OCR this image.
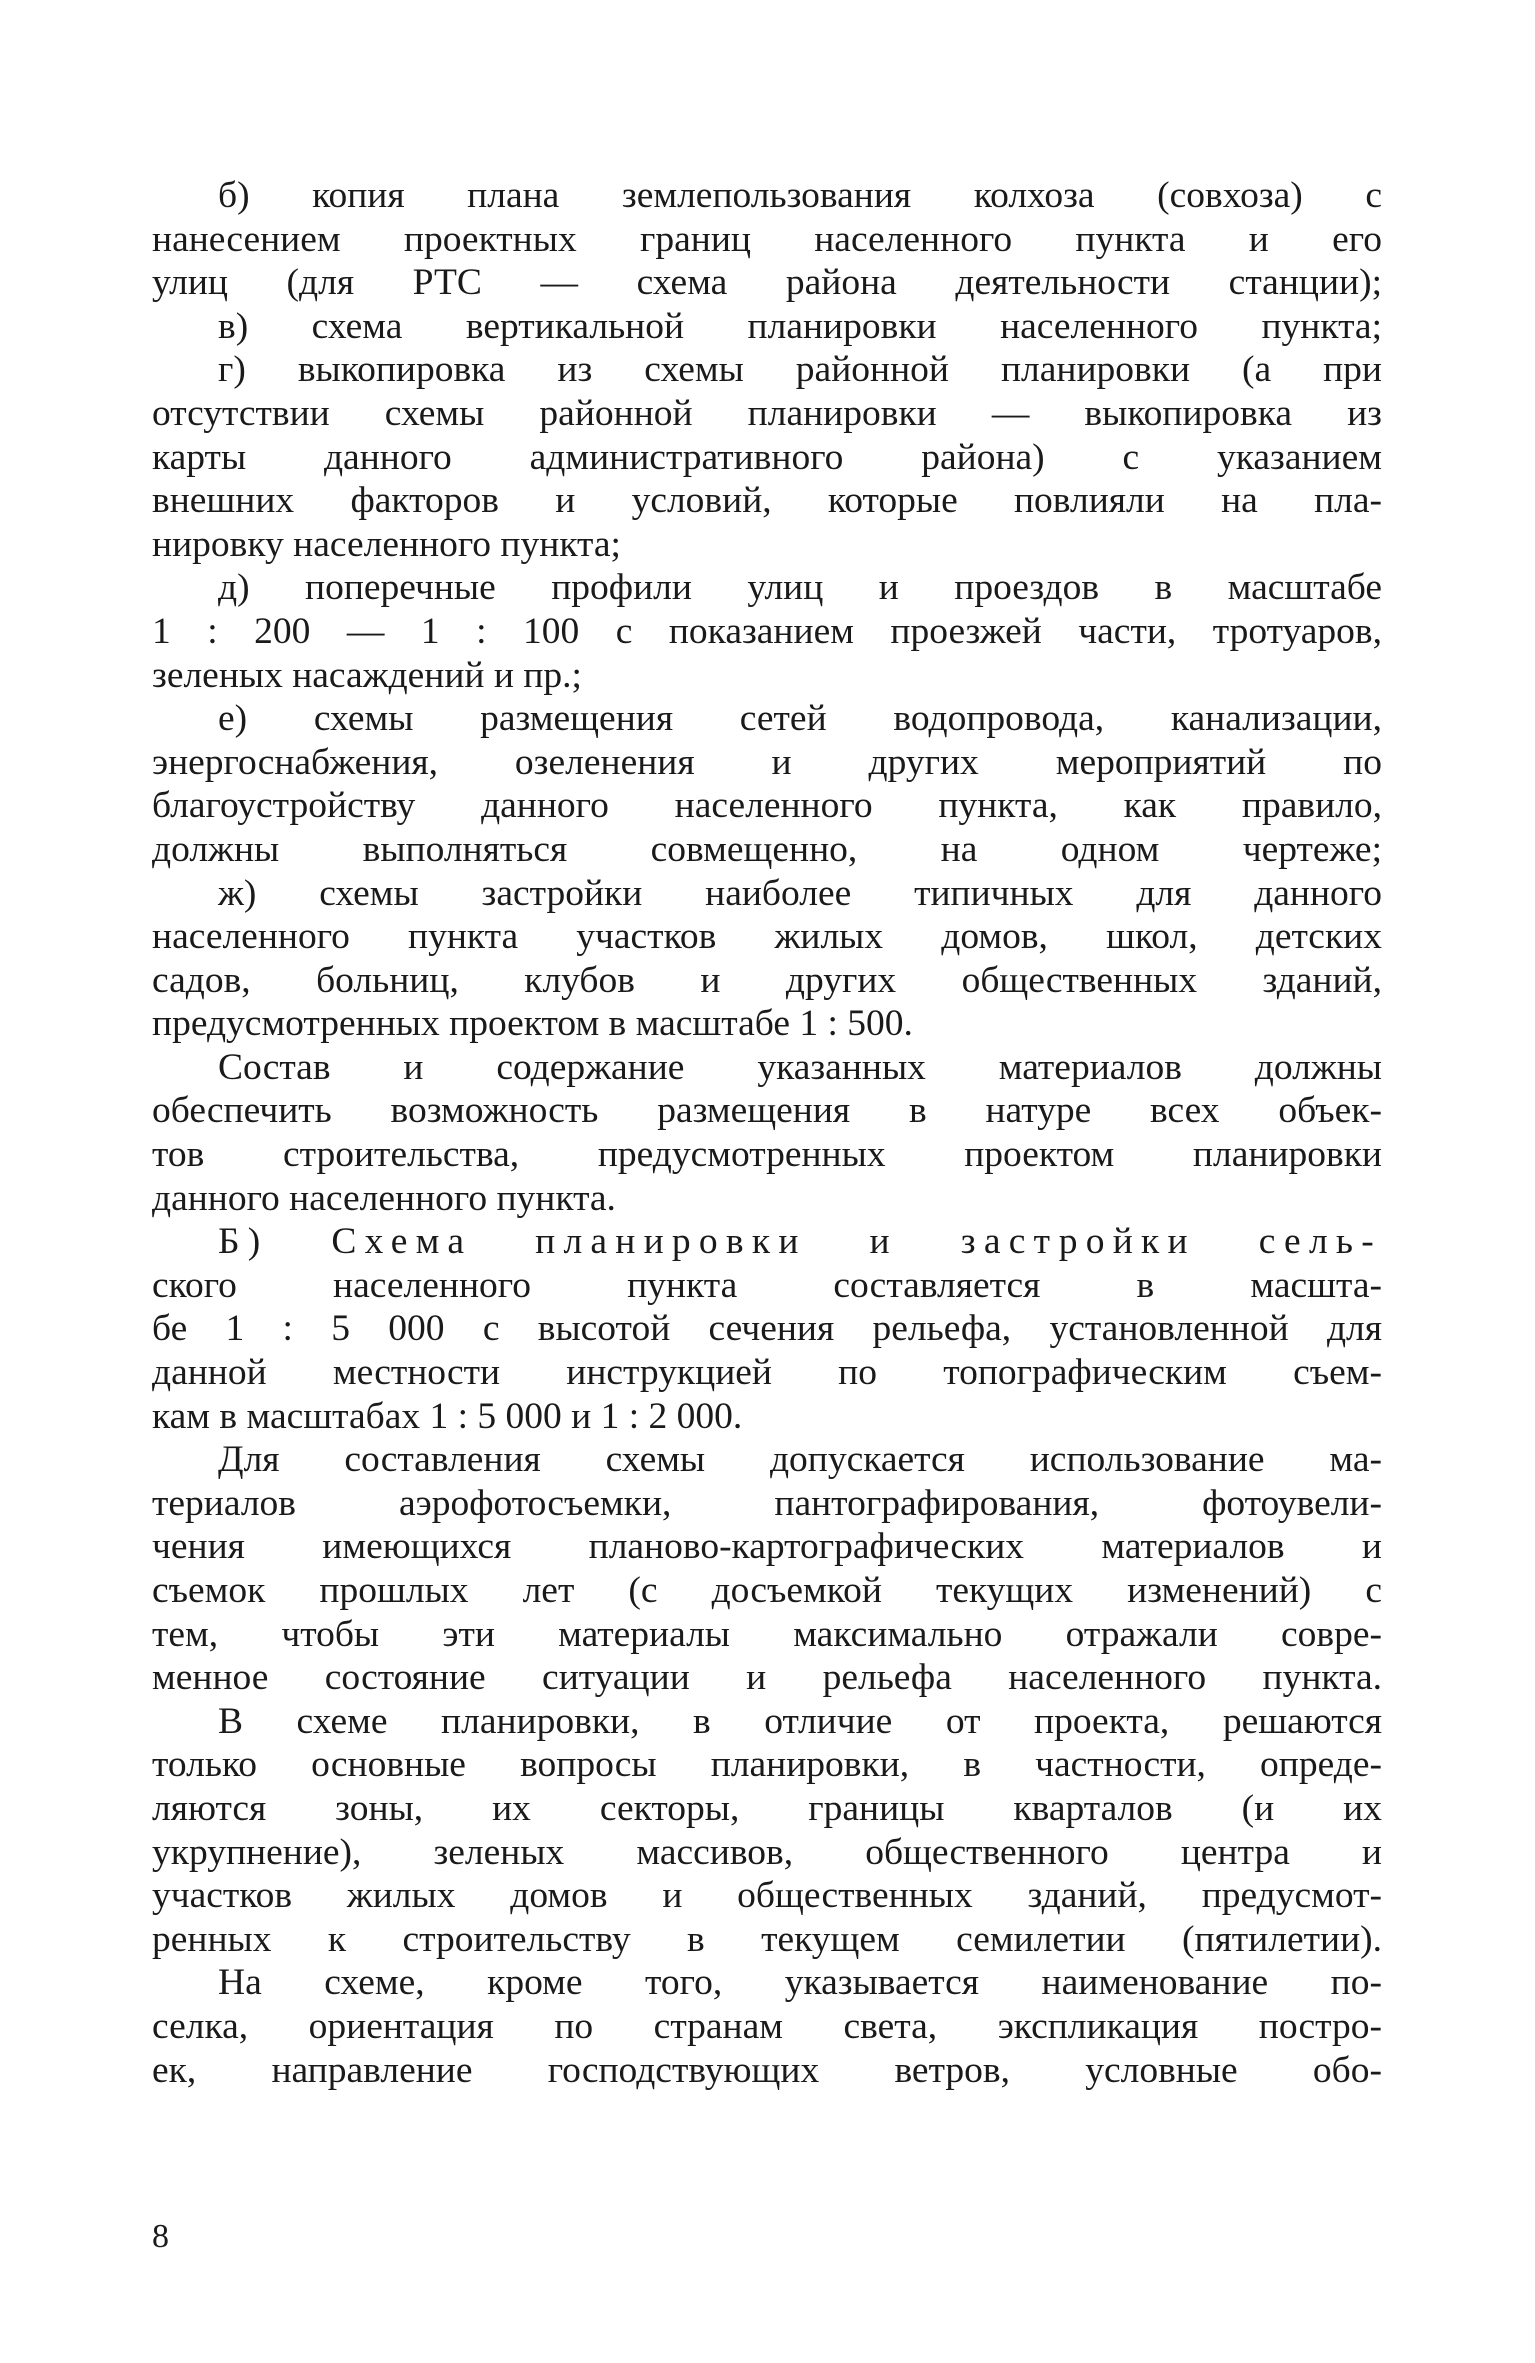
б) копия плана землепользования колхоза (совхоза) с
нанесением проектных границ населенного пункта и его
улиц (для РТС — схема района деятельности станции);

в) схема вертикальной планировки населенного пункта;

г) выкопировка из схемы районной планировки (а при
отсутствии схемы районной планировки — выкопировка из
карты данного административного района) с указанием
внешних факторов и условий, которые повлияли на пла-
нировку населенного пункта;

д) поперечные профили улиц и проездов в масштабе
1 : 200 — 1 : 100 с показанием проезжей части, тротуаров,
зеленых насаждений и пр.;

е) схемы размещения сетей водопровода, канализации,
энергоснабжения, озеленения и других мероприятий по
благоустройству данного населенного пункта, как правило,
должны выполняться совмещенно, на одном чертеже;

ж) схемы застройки наиболее типичных для данного
населенного пункта участков жилых домов, школ, детских
садов, больниц, клубов и других общественных зданий,
предусмотренных проектом в масштабе 1 : 500.

Состав и содержание указанных материалов должны
обеспечить возможность размещения в натуре всех объек-
тов строительства, предусмотренных проектом планировки
данного населенного пункта.

Б) Схема планировки и застройки сель-
ского населенного пункта составляется в масшта-
бе 1 : 5 000 с высотой сечения рельефа, установленной для
данной местности инструкцией по топографическим съем-
кам в масштабах 1 : 5 000 и 1 : 2 000.

Для составления схемы допускается использование ма-
териалов аэрофотосъемки, пантографирования, фотоувели-
чения имеющихся планово-картографических материалов и
съемок прошлых лет (с досъемкой текущих изменений) с
тем, чтобы эти материалы максимально отражали совре-
менное состояние ситуации и рельефа населенного пункта.

В схеме планировки, в отличие от проекта, решаются
только основные вопросы планировки, в частности, опреде-
ляются зоны, их секторы, границы кварталов (и их
укрупнение), зеленых массивов, общественного центра и
участков жилых домов и общественных зданий, предусмот-
ренных к строительству в текущем семилетии (пятилетии).

На схеме, кроме того, указывается наименование по-
селка, ориентация по странам света, экспликация постро-
ек, направление господствующих ветров, условные обо-

8
